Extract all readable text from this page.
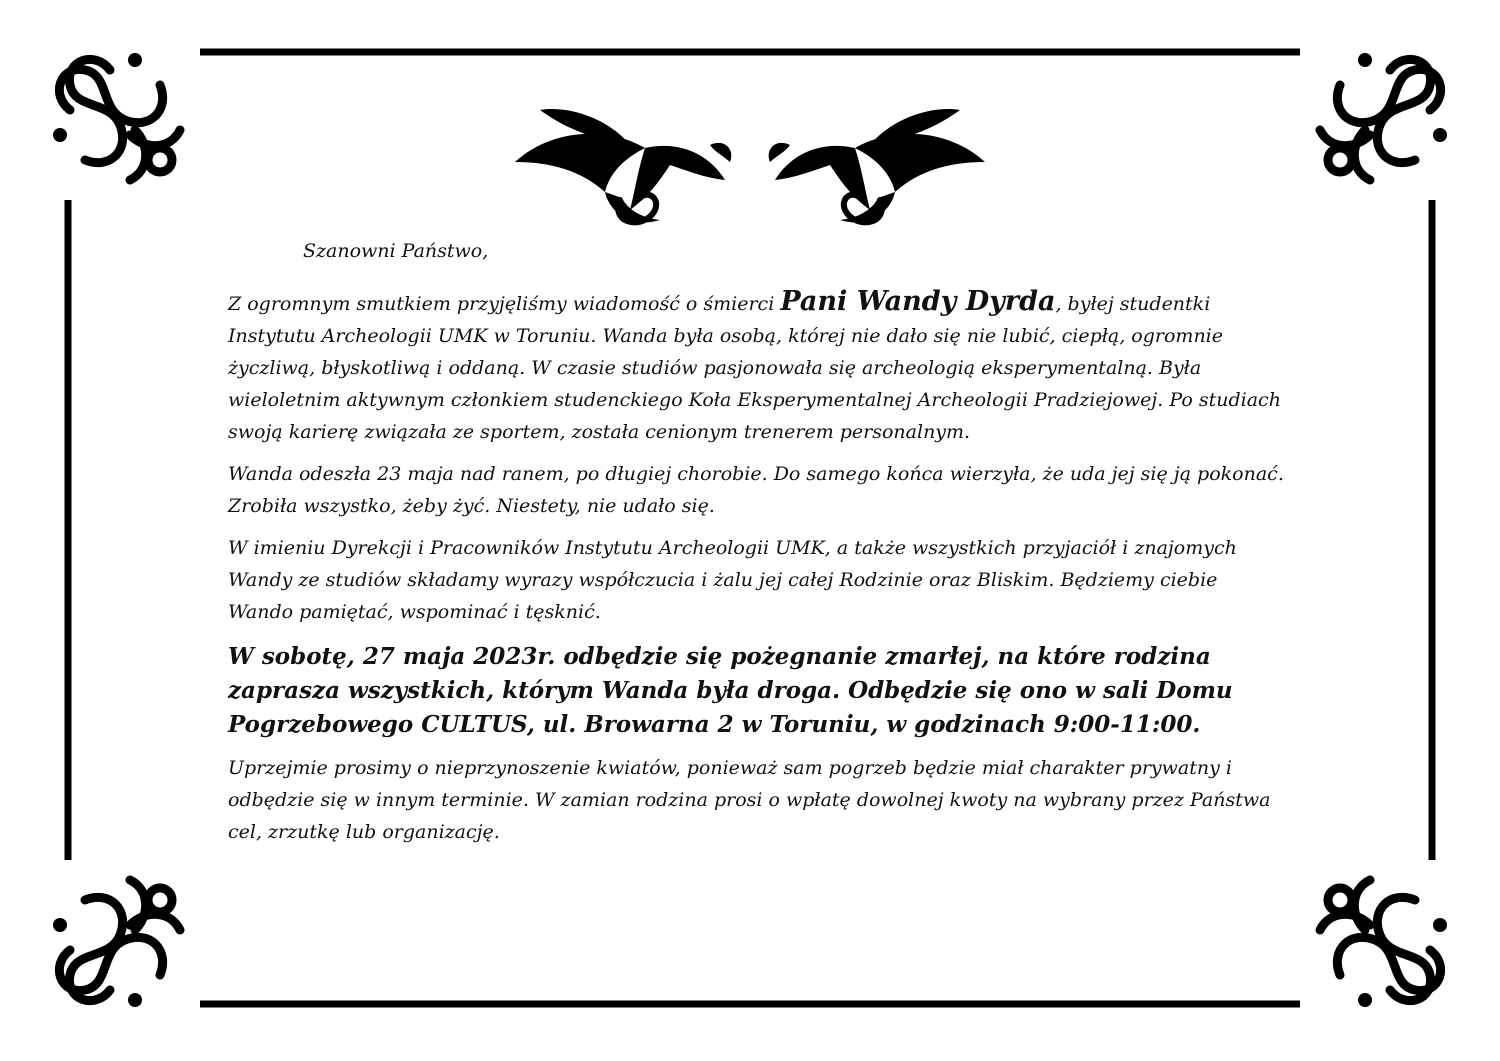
Szanowni Państwo,

Z ogromnym smutkiem przyjęliśmy wiadomość o śmierci Pani Wandy Dyrda, byłej studentki Instytutu Archeologii UMK w Toruniu. Wanda była osobą, której nie dało się nie lubić, ciepłą, ogromnie życzliwą, błyskotliwą i oddaną. W czasie studiów pasjonowała się archeologią eksperymentalną. Była wieloletnim aktywnym członkiem studenckiego Koła Eksperymentalnej Archeologii Pradziejowej. Po studiach swoją karierę związała ze sportem, została cenionym trenerem personalnym.

Wanda odeszła 23 maja nad ranem, po długiej chorobie. Do samego końca wierzyła, że uda jej się ją pokonać. Zrobiła wszystko, żeby żyć. Niestety, nie udało się.

W imieniu Dyrekcji i Pracowników Instytutu Archeologii UMK, a także wszystkich przyjaciół i znajomych Wandy ze studiów składamy wyrazy współczucia i żalu jej całej Rodzinie oraz Bliskim. Będziemy ciebie Wando pamiętać, wspominać i tęsknić.

W sobotę, 27 maja 2023r. odbędzie się pożegnanie zmarłej, na które rodzina zaprasza wszystkich, którym Wanda była droga. Odbędzie się ono w sali Domu Pogrzebowego CULTUS, ul. Browarna 2 w Toruniu, w godzinach 9:00-11:00.

Uprzejmie prosimy o nieprzynoszenie kwiatów, ponieważ sam pogrzeb będzie miał charakter prywatny i odbędzie się w innym terminie. W zamian rodzina prosi o wpłatę dowolnej kwoty na wybrany przez Państwa cel, zrzutkę lub organizację.
